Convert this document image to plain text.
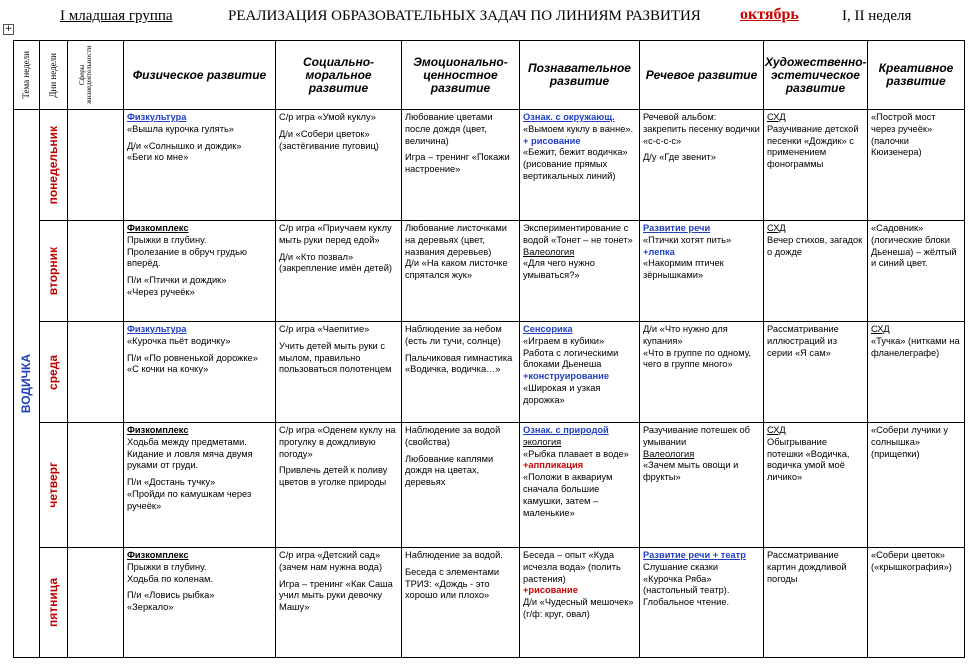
I младшая группа	РЕАЛИЗАЦИЯ ОБРАЗОВАТЕЛЬНЫХ ЗАДАЧ ПО ЛИНИЯМ РАЗВИТИЯ октябрь	I, II неделя
+
Тема недели	Дни недели	Сферы жизнедеятельности	Физическое развитие	Социально-моральное развитие	Эмоционально-ценностное развитие	Познавательное развитие	Речевое развитие	Художественно-эстетическое развитие	Креативное развитие

ВОДИЧКА	понедельник		Физкультура
«Вышла курочка гулять»
Д/и «Солнышко и дождик»
«Беги ко мне»	С/р игра «Умой куклу»
Д/и «Собери цветок» (застёгивание пуговиц)	Любование цветами после дождя (цвет, величина)
Игра – тренинг «Покажи настроение»	Ознак. с окружающ.
«Вымоем куклу в ванне».
+ рисование
«Бежит, бежит водичка» (рисование прямых вертикальных линий)	Речевой альбом: закрепить песенку водички «с-с-с-с»
Д/у «Где звенит»	СХД
Разучивание детской песенки «Дождик» с применением фонограммы	«Построй мост через ручеёк» (палочки Кюизенера)

	вторник		Физкомплекс
Прыжки в глубину.
Пролезание в обруч грудью вперёд.
П/и «Птички и дождик»
«Через ручеёк»	С/р игра «Приучаем куклу мыть руки перед едой»
Д/и «Кто позвал» (закрепление имён детей)	Любование листочками на деревьях (цвет, названия деревьев)
Д/и «На каком листочке спрятался жук»	Экспериментирование с водой «Тонет – не тонет»
Валеология
«Для чего нужно умываться?»	Развитие речи
«Птички хотят пить»
+лепка
«Накормим птичек зёрнышками»	СХД
Вечер стихов, загадок о дожде	«Садовник» (логические блоки Дьенеша) – жёлтый и синий цвет.

	среда		Физкультура
«Курочка пьёт водичку»
П/и «По ровненькой дорожке»
«С кочки на кочку»	С/р игра «Чаепитие»
Учить детей мыть руки с мылом, правильно пользоваться полотенцем	Наблюдение за небом (есть ли тучи, солнце)
Пальчиковая гимнастика «Водичка, водичка…»	Сенсорика
«Играем в кубики»
Работа с логическими блоками Дьенеша
+конструирование
«Широкая и узкая дорожка»	Д/и «Что нужно для купания»
«Что в группе по одному, чего в группе много»	Рассматривание иллюстраций из серии «Я сам»	СХД
«Тучка» (нитками на фланелеграфе)

	четверг		Физкомплекс
Ходьба между предметами.
Кидание и ловля мяча двумя руками от груди.
П/и «Достань тучку»
«Пройди по камушкам через ручеёк»	С/р игра «Оденем куклу на прогулку в дождливую погоду»
Привлечь детей к поливу цветов в уголке природы	Наблюдение за водой (свойства)
Любование каплями дождя на цветах, деревьях	Ознак. с природой
экология
«Рыбка плавает в воде»
+аппликация
«Положи в аквариум сначала большие камушки, затем – маленькие»	Разучивание потешек об умывании
Валеология
«Зачем мыть овощи и фрукты»	СХД
Обыгрывание потешки «Водичка, водичка умой моё личико»	«Собери лучики у солнышка» (прищепки)

	пятница		Физкомплекс
Прыжки в глубину.
Ходьба по коленам.
П/и «Ловись рыбка»
«Зеркало»	С/р игра «Детский сад» (зачем нам нужна вода)
Игра – тренинг «Как Саша учил мыть руки девочку Машу»	Наблюдение за водой.
Беседа с элементами ТРИЗ: «Дождь - это хорошо или плохо»	Беседа – опыт «Куда исчезла вода» (полить растения)
+рисование
Д/и «Чудесный мешочек» (г/ф: круг, овал)	Развитие речи + театр
Слушание сказки «Курочка Ряба» (настольный театр).
Глобальное чтение.	Рассматривание картин дождливой погоды	«Собери цветок» («крышкография»)
